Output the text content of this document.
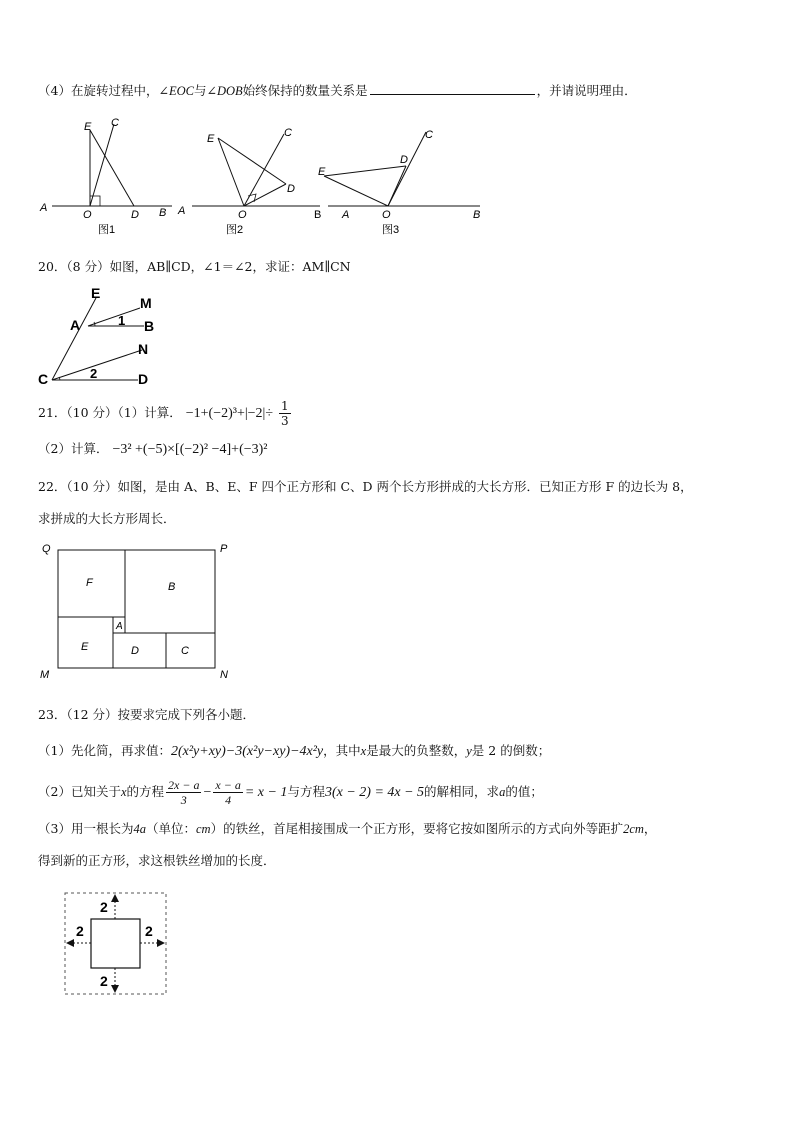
（4）在旋转过程中，∠EOC与∠DOB始终保持的数量关系是	，并请说明理由．
A
O	D B
E C
图1
A	O	B
E	C
D
图2
E
D
C
A	O	B
图3
20．（8 分）如图，AB∥CD，∠1＝∠2，求证：AM∥CN
E
M
A	1 B
N
C	2	D
21．（10 分）（1）计算． $-1+(-2)^3+|-2|\div \frac{1}{3}$
（2）计算． −3² +(−5)×[(−2)² −4]+(−3)²
22．（10 分）如图，是由 A、B、E、F 四个正方形和 C、D 两个长方形拼成的大长方形．已知正方形 F 的边长为 8，
求拼成的大长方形周长．
Q	P
M	N
F	B
A
E	D	C
23．（12 分）按要求完成下列各小题．
（1）先化简，再求值：2(x²y+xy)−3(x²y−xy)−4x²y，其中x是最大的负整数，y是 2 的倒数；
（2）已知关于x的方程 $\frac{2x - a}{3} - \frac{x - a}{4} = x - 1$与方程3(x − 2) = 4x − 5的解相同，求a的值；
（3）用一根长为4a（单位：cm）的铁丝，首尾相接围成一个正方形，要将它按如图所示的方式向外等距扩2cm，
得到新的正方形，求这根铁丝增加的长度．
2
2	2
2
